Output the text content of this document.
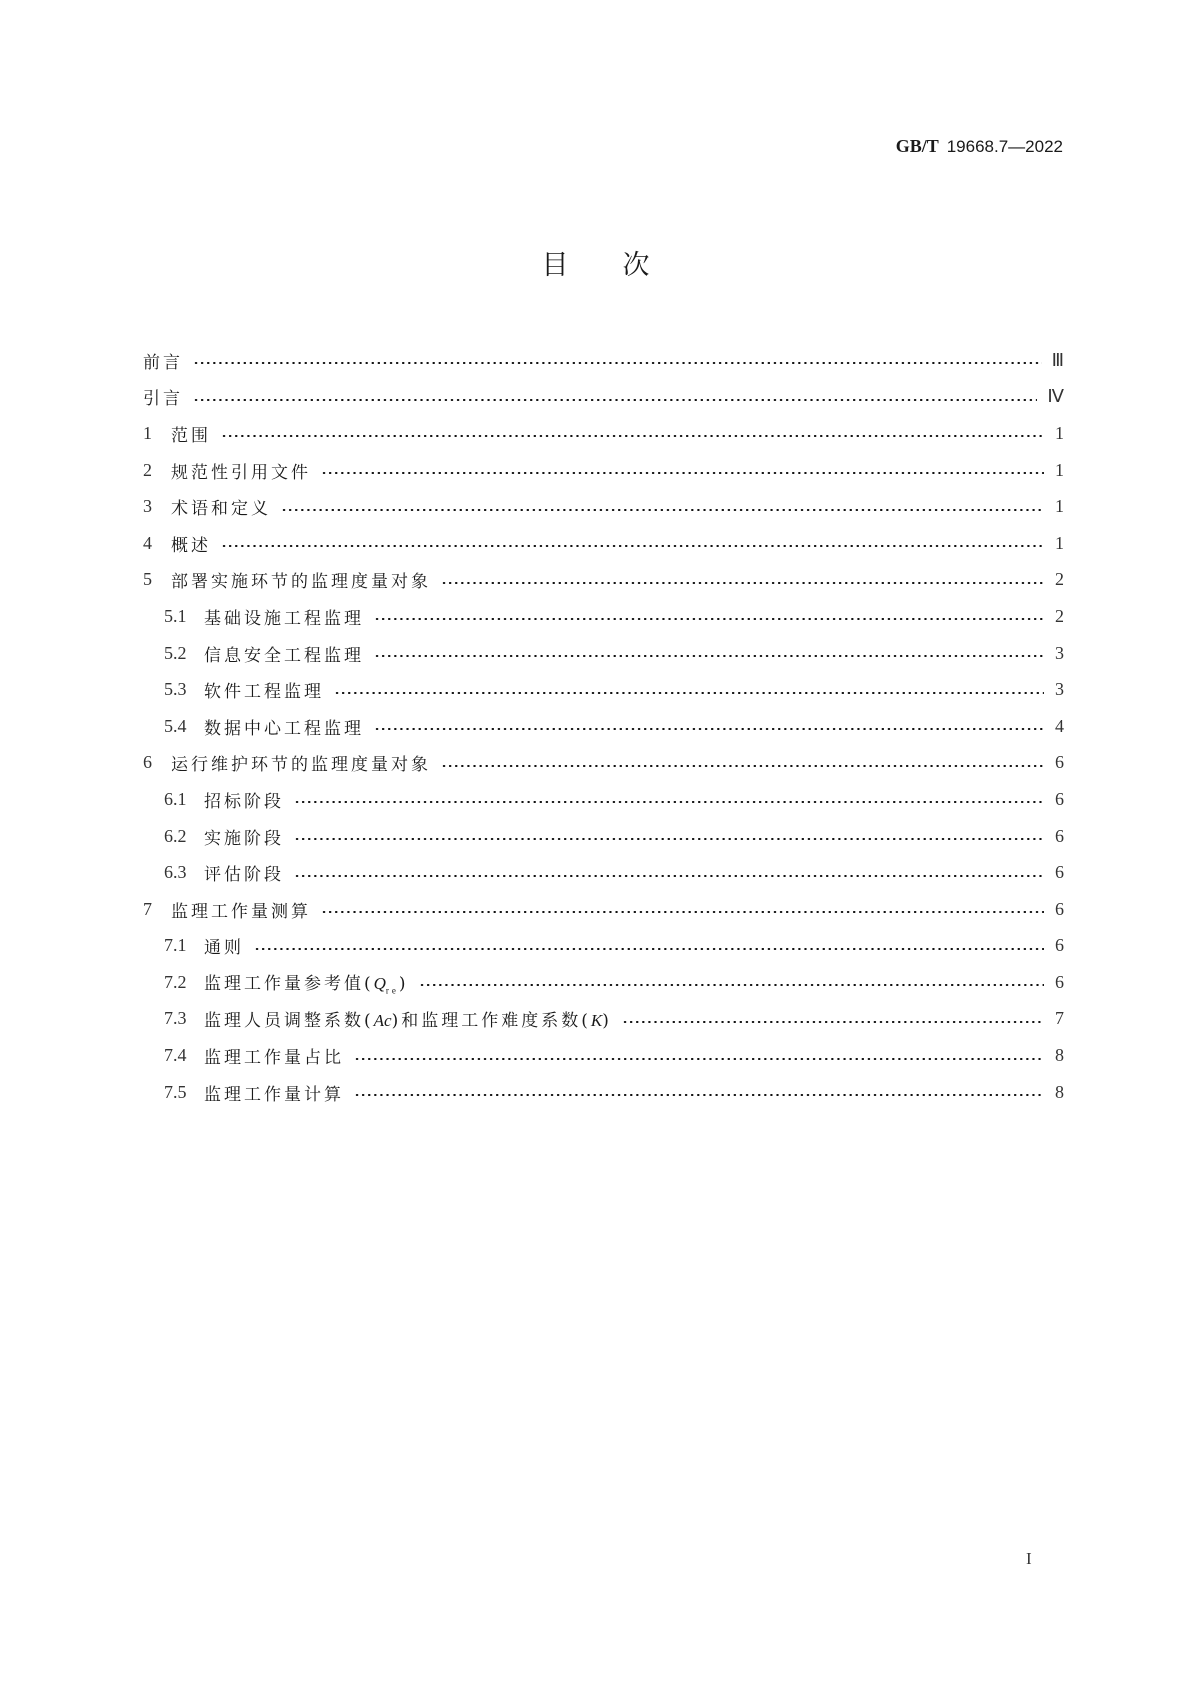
GB/T 19668.7—2022
目 次
前言	Ⅲ
引言	Ⅳ
1	范围	1
2	规范性引用文件	1
3	术语和定义	1
4	概述	1
5	部署实施环节的监理度量对象	2
5.1	基础设施工程监理	2
5.2	信息安全工程监理	3
5.3	软件工程监理	3
5.4	数据中心工程监理	4
6	运行维护环节的监理度量对象	6
6.1	招标阶段	6
6.2	实施阶段	6
6.3	评估阶段	6
7	监理工作量测算	6
7.1	通则	6
7.2	监理工作量参考值$(Q_{re})$	6
7.3	监理人员调整系数(Ac)和监理工作难度系数(K)	7
7.4	监理工作量占比	8
7.5	监理工作量计算	8
I
